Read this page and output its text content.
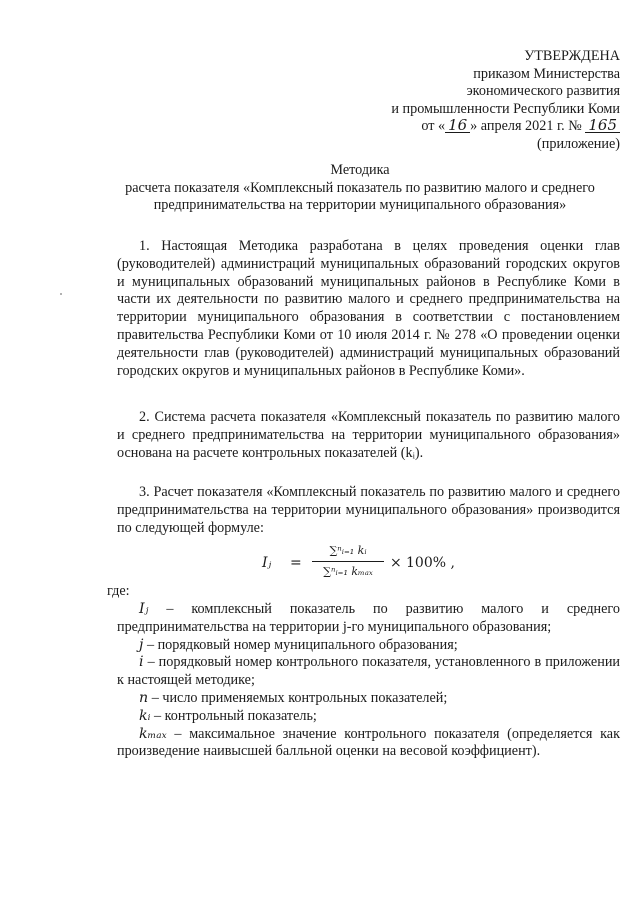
УТВЕРЖДЕНА
приказом Министерства
экономического развития
и промышленности Республики Коми
от « 16 » апреля 2021 г. № 165
(приложение)
Методика
расчета показателя «Комплексный показатель по развитию малого и среднего предпринимательства на территории муниципального образования»
1. Настоящая Методика разработана в целях проведения оценки глав (руководителей) администраций муниципальных образований городских округов и муниципальных образований муниципальных районов в Республике Коми в части их деятельности по развитию малого и среднего предпринимательства на территории муниципального образования в соответствии с постановлением правительства Республики Коми от 10 июля 2014 г. № 278 «О проведении оценки деятельности глав (руководителей) администраций муниципальных образований городских округов и муниципальных районов в Республике Коми».
2. Система расчета показателя «Комплексный показатель по развитию малого и среднего предпринимательства на территории муниципального образования» основана на расчете контрольных показателей (kᵢ).
3. Расчет показателя «Комплексный показатель по развитию малого и среднего предпринимательства на территории муниципального образования» производится по следующей формуле:
Iⱼ =
∑ⁿᵢ₌₁ kᵢ
∑ⁿᵢ₌₁ kₘₐₓ
× 100% ,
где:
Iⱼ – комплексный показатель по развитию малого и среднего предпринимательства на территории j-го муниципального образования;
j – порядковый номер муниципального образования;
i – порядковый номер контрольного показателя, установленного в приложении к настоящей методике;
n – число применяемых контрольных показателей;
kᵢ – контрольный показатель;
kₘₐₓ – максимальное значение контрольного показателя (определяется как произведение наивысшей балльной оценки на весовой коэффициент).
